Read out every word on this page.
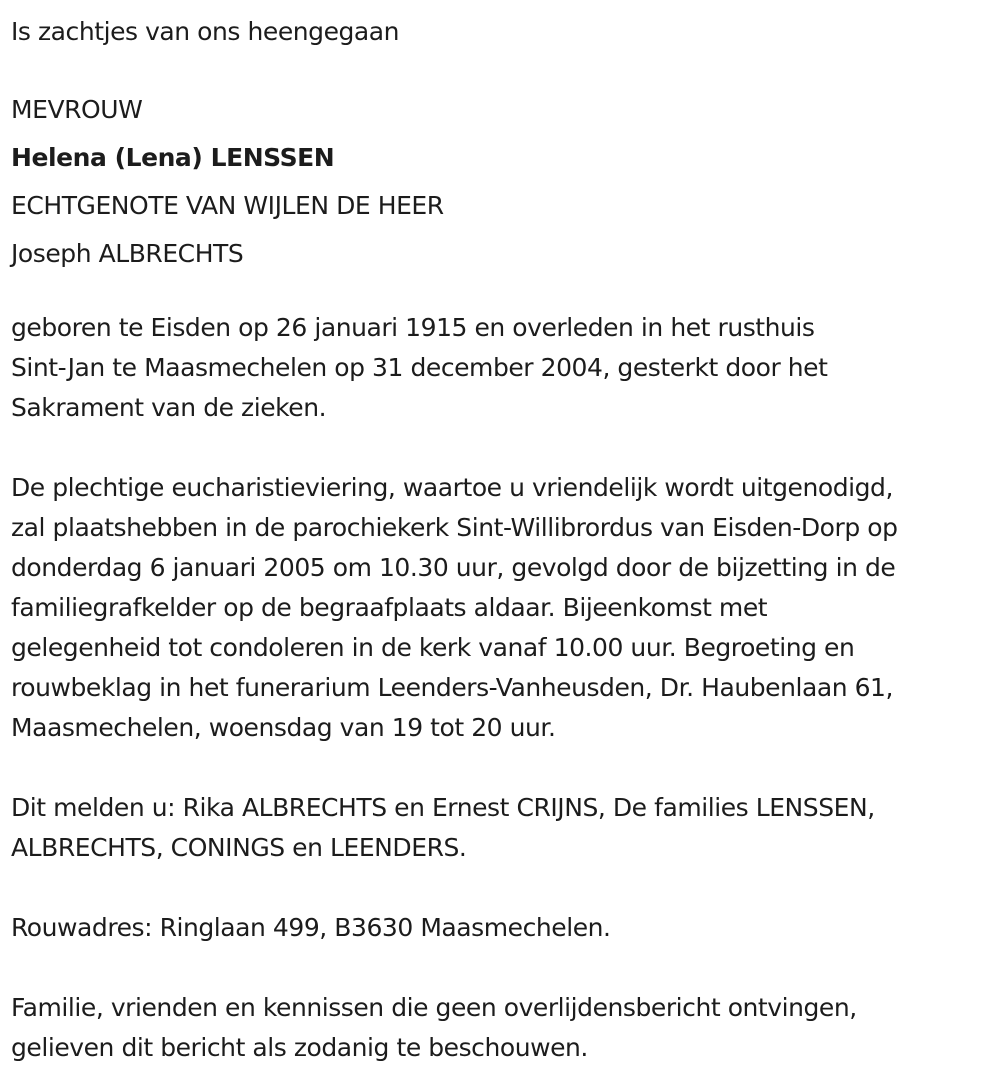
Is zachtjes van ons heengegaan
MEVROUW
Helena (Lena) LENSSEN
ECHTGENOTE VAN WIJLEN DE HEER
Joseph ALBRECHTS

geboren te Eisden op 26 januari 1915 en overleden in het rusthuis
Sint-Jan te Maasmechelen op 31 december 2004, gesterkt door het
Sakrament van de zieken.

De plechtige eucharistieviering, waartoe u vriendelijk wordt uitgenodigd,
zal plaatshebben in de parochiekerk Sint-Willibrordus van Eisden-Dorp op
donderdag 6 januari 2005 om 10.30 uur, gevolgd door de bijzetting in de
familiegrafkelder op de begraafplaats aldaar. Bijeenkomst met
gelegenheid tot condoleren in de kerk vanaf 10.00 uur. Begroeting en
rouwbeklag in het funerarium Leenders-Vanheusden, Dr. Haubenlaan 61,
Maasmechelen, woensdag van 19 tot 20 uur.

Dit melden u: Rika ALBRECHTS en Ernest CRIJNS, De families LENSSEN,
ALBRECHTS, CONINGS en LEENDERS.

Rouwadres: Ringlaan 499, B3630 Maasmechelen.

Familie, vrienden en kennissen die geen overlijdensbericht ontvingen,
gelieven dit bericht als zodanig te beschouwen.
